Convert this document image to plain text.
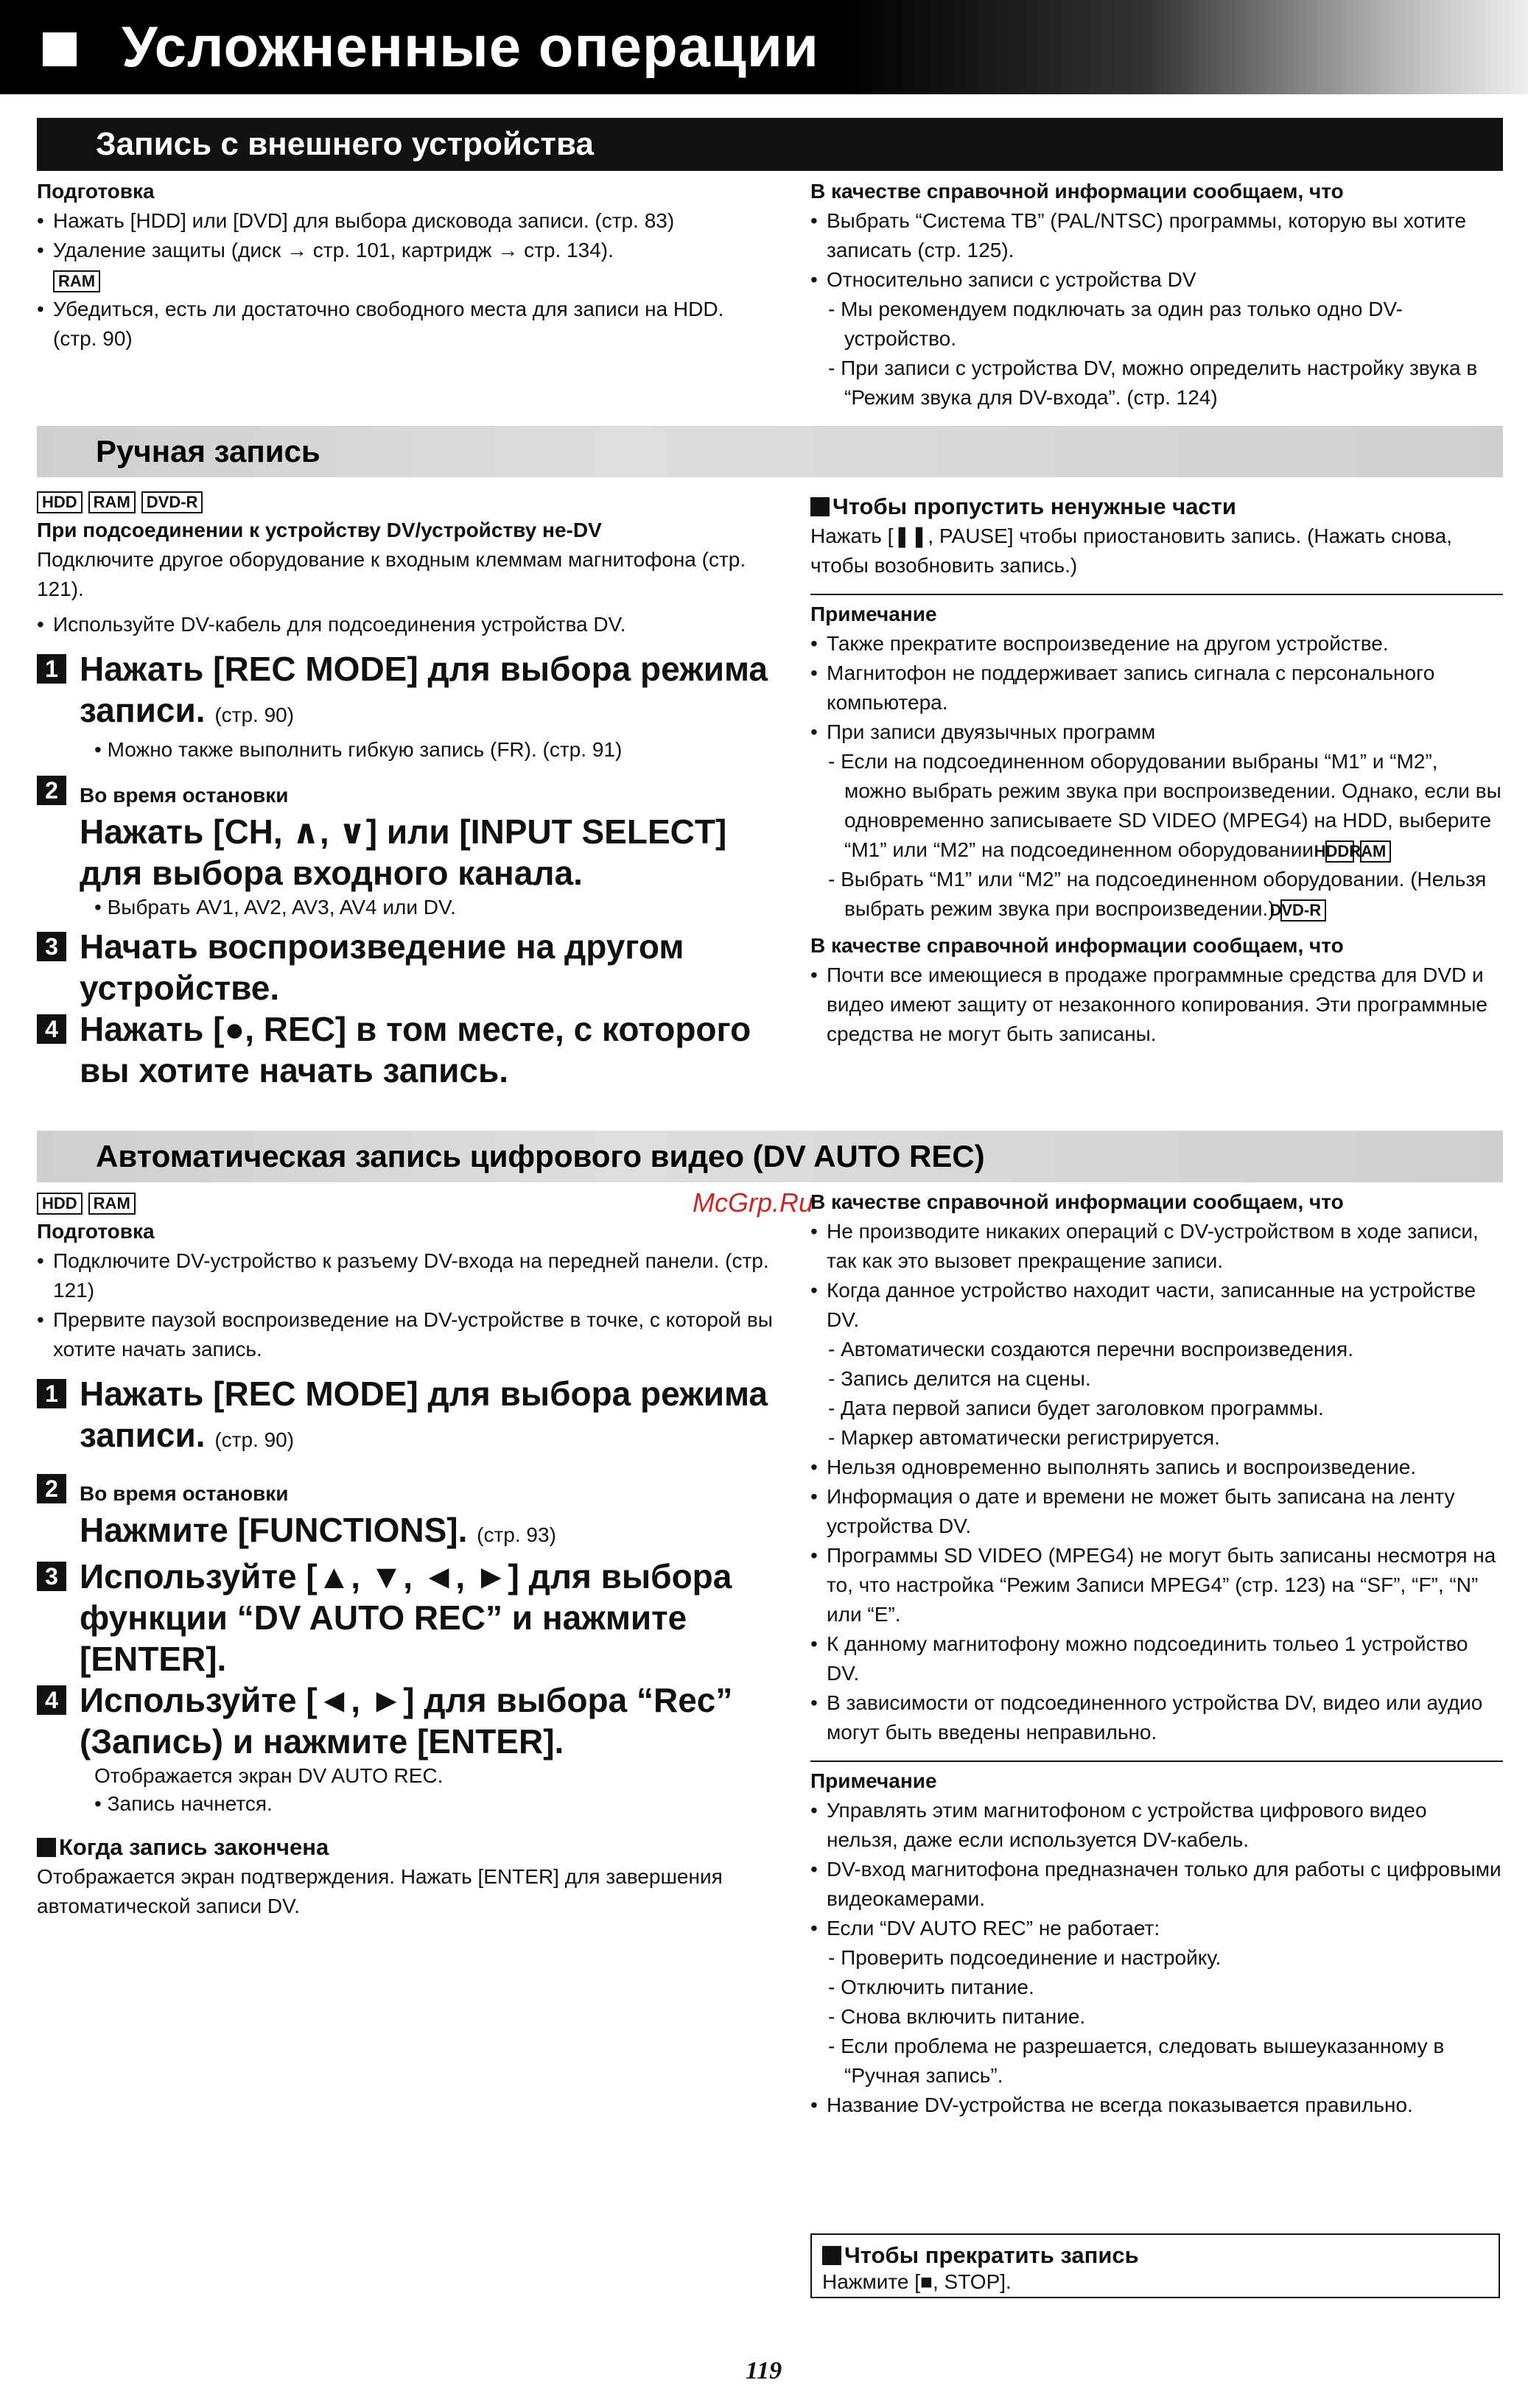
Усложненные операции
Запись с внешнего устройства
Подготовка
• Нажать [HDD] или [DVD] для выбора дисковода записи. (стр. 83)
• Удаление защиты (диск → стр. 101, картридж → стр. 134).
RAM
• Убедиться, есть ли достаточно свободного места для записи на HDD. (стр. 90)
В качестве справочной информации сообщаем, что
• Выбрать “Система ТВ” (PAL/NTSC) программы, которую вы хотите записать (стр. 125).
• Относительно записи с устройства DV
- Мы рекомендуем подключать за один раз только одно DV-устройство.
- При записи с устройства DV, можно определить настройку звука в “Режим звука для DV-входа”. (стр. 124)
Ручная запись
HDD RAM DVD-R
При подсоединении к устройству DV/устройству не-DV
Подключите другое оборудование к входным клеммам магнитофона (стр. 121).
• Используйте DV-кабель для подсоединения устройства DV.
1 Нажать [REC MODE] для выбора режима записи. (стр. 90)
• Можно также выполнить гибкую запись (FR). (стр. 91)
2	Во время остановки
Нажать [CH, ∧, ∨] или [INPUT SELECT] для выбора входного канала.
• Выбрать AV1, AV2, AV3, AV4 или DV.
3 Начать воспроизведение на другом устройстве.
4 Нажать [●, REC] в том месте, с которого вы хотите начать запись.
Чтобы пропустить ненужные части
Нажать [❚❚, PAUSE] чтобы приостановить запись. (Нажать снова, чтобы возобновить запись.)
Примечание
• Также прекратите воспроизведение на другом устройстве.
• Магнитофон не поддерживает запись сигнала с персонального компьютера.
• При записи двуязычных программ
- Если на подсоединенном оборудовании выбраны “M1” и “M2”, можно выбрать режим звука при воспроизведении. Однако, если вы одновременно записываете SD VIDEO (MPEG4) на HDD, выберите “M1” или “M2” на подсоединенном оборудовании. HDDRAM
- Выбрать “M1” или “M2” на подсоединенном оборудовании. (Нельзя выбрать режим звука при воспроизведении.) DVD-R
В качестве справочной информации сообщаем, что
• Почти все имеющиеся в продаже программные средства для DVD и видео имеют защиту от незаконного копирования. Эти программные средства не могут быть записаны.
Автоматическая запись цифрового видео (DV AUTO REC)
McGrp.Ru
HDD RAM
Подготовка
• Подключите DV-устройство к разъему DV-входа на передней панели. (стр. 121)
• Прервите паузой воспроизведение на DV-устройстве в точке, с которой вы хотите начать запись.
1 Нажать [REC MODE] для выбора режима записи. (стр. 90)
2	Во время остановки
Нажмите [FUNCTIONS]. (стр. 93)
3 Используйте [▲, ▼, ◄, ►] для выбора функции “DV AUTO REC” и нажмите [ENTER].
4 Используйте [◄, ►] для выбора “Rec” (Запись) и нажмите [ENTER].
Отображается экран DV AUTO REC.
• Запись начнется.
Когда запись закончена
Отображается экран подтверждения. Нажать [ENTER] для завершения автоматической записи DV.
В качестве справочной информации сообщаем, что
• Не производите никаких операций с DV-устройством в ходе записи, так как это вызовет прекращение записи.
• Когда данное устройство находит части, записанные на устройстве DV.
- Автоматически создаются перечни воспроизведения.
- Запись делится на сцены.
- Дата первой записи будет заголовком программы.
- Маркер автоматически регистрируется.
• Нельзя одновременно выполнять запись и воспроизведение.
• Информация о дате и времени не может быть записана на ленту устройства DV.
• Программы SD VIDEO (MPEG4) не могут быть записаны несмотря на то, что настройка “Режим Записи MPEG4” (стр. 123) на “SF”, “F”, “N” или “E”.
• К данному магнитофону можно подсоединить тольео 1 устройство DV.
• В зависимости от подсоединенного устройства DV, видео или аудио могут быть введены неправильно.
Примечание
• Управлять этим магнитофоном с устройства цифрового видео нельзя, даже если используется DV-кабель.
• DV-вход магнитофона предназначен только для работы с цифровыми видеокамерами.
• Если “DV AUTO REC” не работает:
- Проверить подсоединение и настройку.
- Отключить питание.
- Снова включить питание.
- Если проблема не разрешается, следовать вышеуказанному в “Ручная запись”.
• Название DV-устройства не всегда показывается правильно.
Чтобы прекратить запись
Нажмите [■, STOP].
119
